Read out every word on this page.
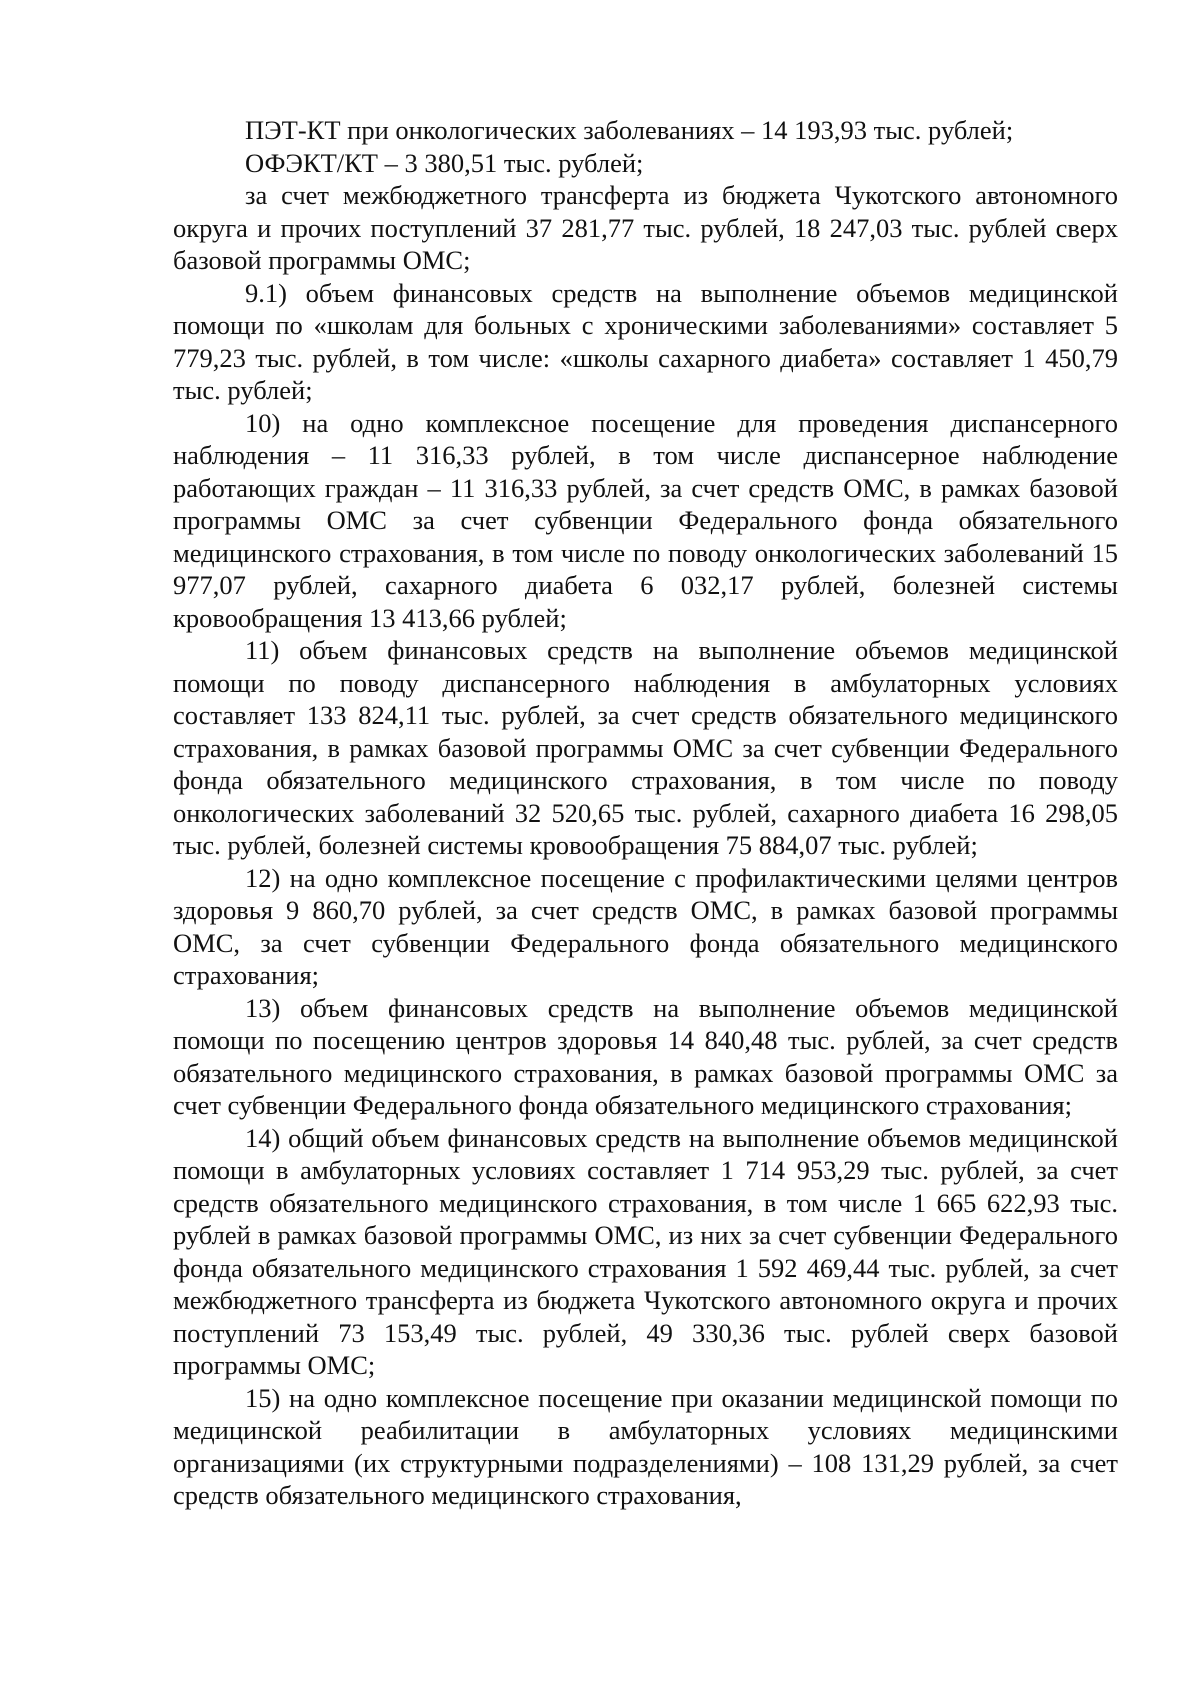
ПЭТ-КТ при онкологических заболеваниях – 14 193,93 тыс. рублей;

ОФЭКТ/КТ – 3 380,51 тыс. рублей;

за счет межбюджетного трансферта из бюджета Чукотского автономного округа и прочих поступлений 37 281,77 тыс. рублей, 18 247,03 тыс. рублей сверх базовой программы ОМС;

9.1) объем финансовых средств на выполнение объемов медицинской помощи по «школам для больных с хроническими заболеваниями» составляет 5 779,23 тыс. рублей, в том числе: «школы сахарного диабета» составляет 1 450,79 тыс. рублей;

10) на одно комплексное посещение для проведения диспансерного наблюдения – 11 316,33 рублей, в том числе диспансерное наблюдение работающих граждан – 11 316,33 рублей, за счет средств ОМС, в рамках базовой программы ОМС за счет субвенции Федерального фонда обязательного медицинского страхования, в том числе по поводу онкологических заболеваний 15 977,07 рублей, сахарного диабета 6 032,17 рублей, болезней системы кровообращения 13 413,66 рублей;

11) объем финансовых средств на выполнение объемов медицинской помощи по поводу диспансерного наблюдения в амбулаторных условиях составляет 133 824,11 тыс. рублей, за счет средств обязательного медицинского страхования, в рамках базовой программы ОМС за счет субвенции Федерального фонда обязательного медицинского страхования, в том числе по поводу онкологических заболеваний 32 520,65 тыс. рублей, сахарного диабета 16 298,05 тыс. рублей, болезней системы кровообращения 75 884,07 тыс. рублей;

12) на одно комплексное посещение с профилактическими целями центров здоровья 9 860,70 рублей, за счет средств ОМС, в рамках базовой программы ОМС, за счет субвенции Федерального фонда обязательного медицинского страхования;

13) объем финансовых средств на выполнение объемов медицинской помощи по посещению центров здоровья 14 840,48 тыс. рублей, за счет средств обязательного медицинского страхования, в рамках базовой программы ОМС за счет субвенции Федерального фонда обязательного медицинского страхования;

14) общий объем финансовых средств на выполнение объемов медицинской помощи в амбулаторных условиях составляет 1 714 953,29 тыс. рублей, за счет средств обязательного медицинского страхования, в том числе 1 665 622,93 тыс. рублей в рамках базовой программы ОМС, из них за счет субвенции Федерального фонда обязательного медицинского страхования 1 592 469,44 тыс. рублей, за счет межбюджетного трансферта из бюджета Чукотского автономного округа и прочих поступлений 73 153,49 тыс. рублей, 49 330,36 тыс. рублей сверх базовой программы ОМС;

15) на одно комплексное посещение при оказании медицинской помощи по медицинской реабилитации в амбулаторных условиях медицинскими организациями (их структурными подразделениями) – 108 131,29 рублей, за счет средств обязательного медицинского страхования,
